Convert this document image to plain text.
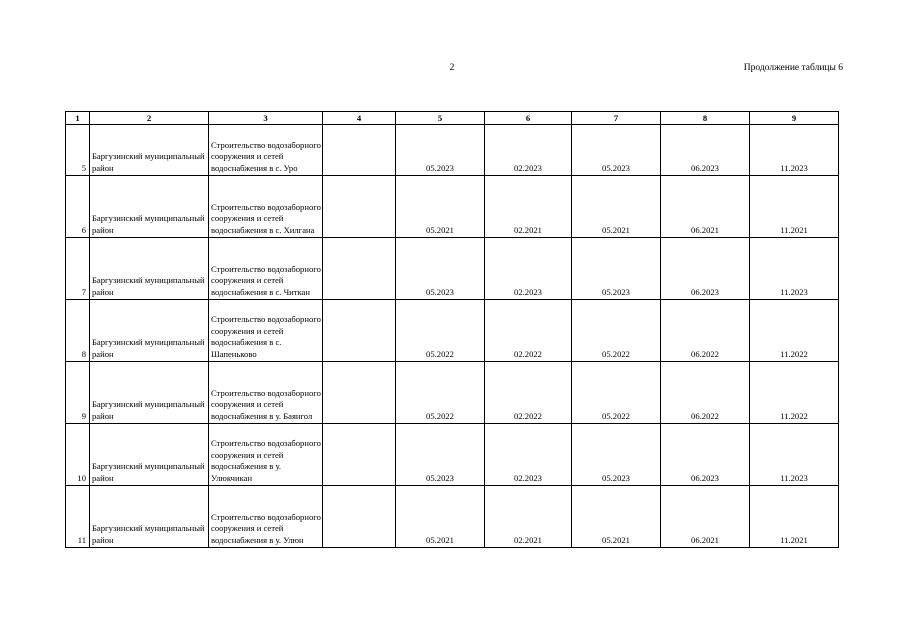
2	Продолжение таблицы 6
1	2	3	4	5	6	7	8	9
5	Баргузинский муниципальный район	Строительство водозаборного сооружения и сетей водоснабжения в с. Уро		05.2023	02.2023	05.2023	06.2023	11.2023
6	Баргузинский муниципальный район	Строительство водозаборного сооружения и сетей водоснабжения в с. Хилгана		05.2021	02.2021	05.2021	06.2021	11.2021
7	Баргузинский муниципальный район	Строительство водозаборного сооружения и сетей водоснабжения в с. Читкан		05.2023	02.2023	05.2023	06.2023	11.2023
8	Баргузинский муниципальный район	Строительство водозаборного сооружения и сетей водоснабжения в с. Шапеньково		05.2022	02.2022	05.2022	06.2022	11.2022
9	Баргузинский муниципальный район	Строительство водозаборного сооружения и сетей водоснабжения в у. Баянгол		05.2022	02.2022	05.2022	06.2022	11.2022
10	Баргузинский муниципальный район	Строительство водозаборного сооружения и сетей водоснабжения в у. Улюкчикан		05.2023	02.2023	05.2023	06.2023	11.2023
11	Баргузинский муниципальный район	Строительство водозаборного сооружения и сетей водоснабжения в у. Улюн		05.2021	02.2021	05.2021	06.2021	11.2021
